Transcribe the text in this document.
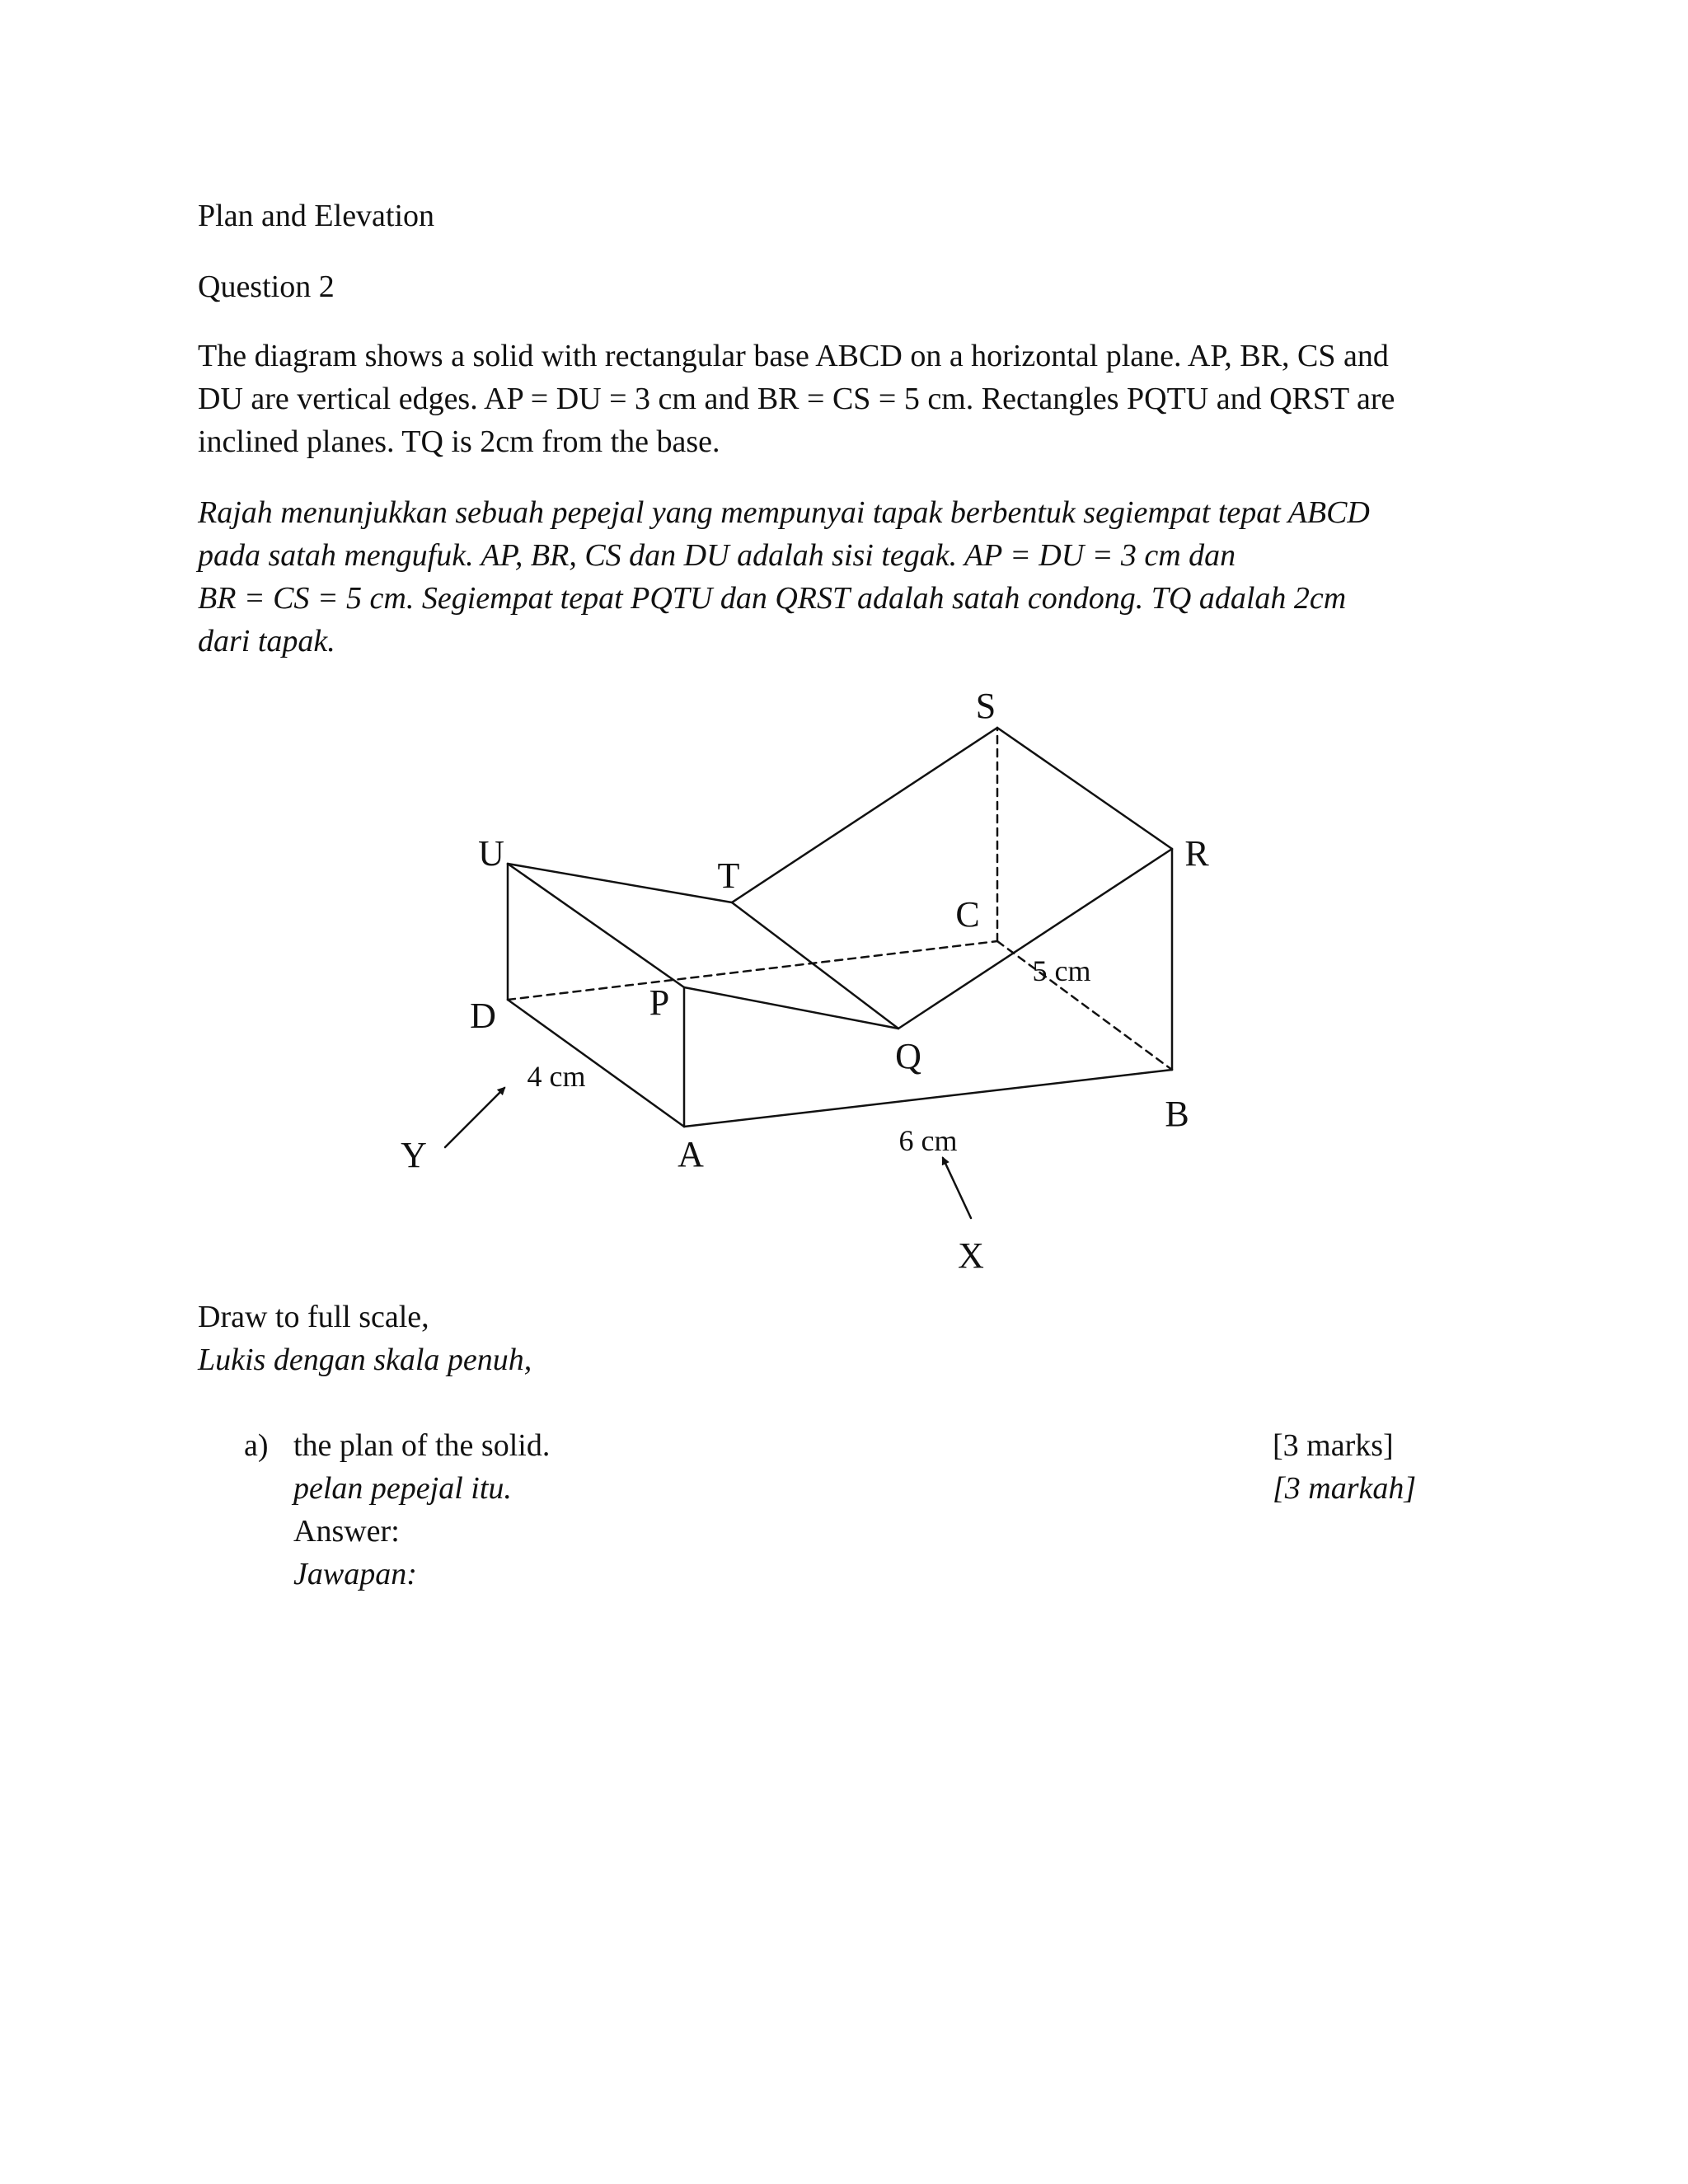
Plan and Elevation
Question 2
The diagram shows a solid with rectangular base ABCD on a horizontal plane. AP, BR, CS and
DU are vertical edges. AP = DU = 3 cm and BR = CS = 5 cm. Rectangles PQTU and QRST are
inclined planes. TQ is 2cm from the base.
Rajah menunjukkan sebuah pepejal yang mempunyai tapak berbentuk segiempat tepat ABCD
pada satah mengufuk. AP, BR, CS dan DU adalah sisi tegak. AP = DU = 3 cm dan
BR = CS = 5 cm. Segiempat tepat PQTU dan QRST adalah satah condong. TQ adalah 2cm
dari tapak.
S
R
U
T
C
D	P
Q
A
B
Y
X
5 cm
4 cm
6 cm
Draw to full scale,
Lukis dengan skala penuh,
a) the plan of the solid.
pelan pepejal itu.
Answer:
Jawapan:
[3 marks]
[3 markah]
